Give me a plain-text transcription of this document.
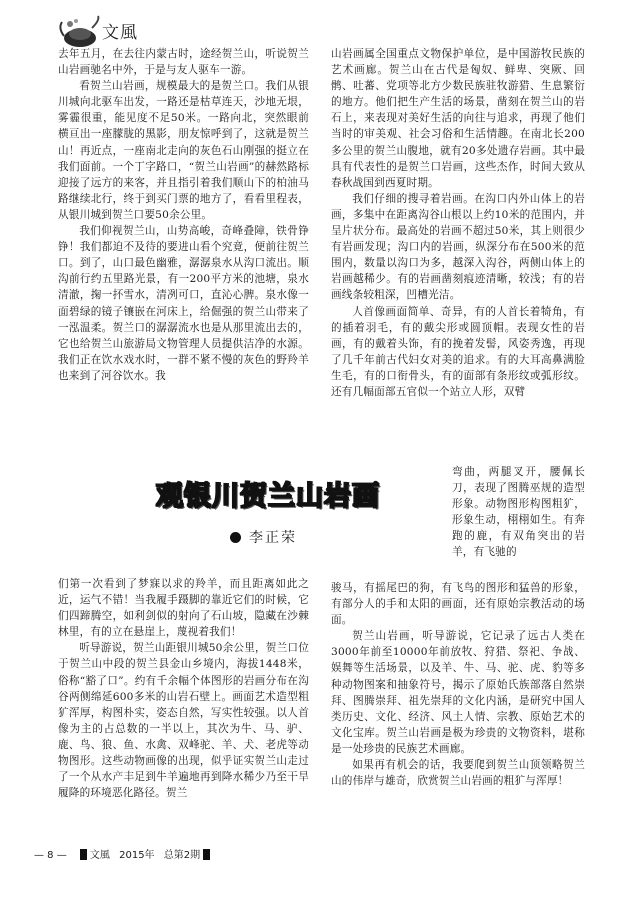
文風

去年五月，在去往内蒙古时，途经贺兰山，听说贺兰山岩画驰名中外，于是与友人驱车一游。

看贺兰山岩画，规模最大的是贺兰口。我们从银川城向北驱车出发，一路还是枯草连天，沙地无垠，雾霾很重，能见度不足50米。一路向北，突然眼前横亘出一座朦胧的黑影，朋友惊呼到了，这就是贺兰山！再近点，一座南北走向的灰色石山刚强的挺立在我们面前。一个丁字路口，“贺兰山岩画”的赫然路标迎接了远方的来客，并且指引着我们顺山下的柏油马路继续北行，终于到买门票的地方了，看看里程表，从银川城到贺兰口要50余公里。

我们仰视贺兰山，山势高峻，奇峰叠障，铁骨铮铮！我们都迫不及待的要进山看个究竟，便前往贺兰口。到了，山口最色幽雅，潺潺泉水从沟口流出。顺沟前行约五里路光景，有一200平方米的池塘，泉水清澈，掬一抔雪水，清冽可口，直沁心脾。泉水像一面碧绿的镜子镶嵌在河床上，给倔强的贺兰山带来了一泓温柔。贺兰口的潺潺流水也是从那里流出去的，它也给贺兰山旅游局文物管理人员提供洁净的水源。我们正在饮水戏水时，一群不紧不慢的灰色的野羚羊也来到了河谷饮水。我

观银川贺兰山岩画
李正荣

们第一次看到了梦寐以求的羚羊，而且距离如此之近，运气不错！当我履手蹑脚的靠近它们的时候，它们四蹄腾空，如利剑似的射向了石山坡，隐藏在沙棘林里，有的立在悬崖上，蔑视着我们！

听导游说，贺兰山距银川城50余公里，贺兰口位于贺兰山中段的贺兰县金山乡境内，海拔1448米，俗称“豁了口”。约有千余幅个体图形的岩画分布在沟谷两侧绵延600多米的山岩石壁上。画面艺术造型粗犷浑厚，构图朴实，姿态自然，写实性较强。以人首像为主的占总数的一半以上，其次为牛、马、驴、鹿、鸟、狼、鱼、水禽、双峰驼、羊、犬、老虎等动物图形。这些动物画像的出现，似乎证实贺兰山走过了一个从水产丰足到牛羊遍地再到降水稀少乃至干旱履降的环境恶化路径。贺兰

山岩画属全国重点文物保护单位，是中国游牧民族的艺术画廊。贺兰山在古代是匈奴、鲜卑、突厥、回鹘、吐蕃、党项等北方少数民族驻牧游猎、生息繁衍的地方。他们把生产生活的场景，凿刻在贺兰山的岩石上，来表现对美好生活的向往与追求，再现了他们当时的审美观、社会习俗和生活情趣。在南北长200多公里的贺兰山腹地，就有20多处遗存岩画。其中最具有代表性的是贺兰口岩画，这些杰作，时间大致从春秋战国到西夏时期。

我们仔细的搜寻着岩画。在沟口内外山体上的岩画，多集中在距离沟谷山根以上约10米的范围内，并呈片状分布。最高处的岩画不超过50米，其上则很少有岩画发现；沟口内的岩画，纵深分布在500米的范围内，数量以沟口为多，越深入沟谷，两侧山体上的岩画越稀少。有的岩画凿刻痕迹清晰，较浅；有的岩画线条较粗深，凹槽光洁。

人首像画面简单、奇异，有的人首长着犄角，有的插着羽毛，有的戴尖形或圆顶帽。表现女性的岩画，有的戴着头饰，有的挽着发髻，风姿秀逸，再现了几千年前古代妇女对美的追求。有的大耳高鼻满脸生毛，有的口衔骨头，有的面部有条形纹或弧形纹。还有几幅面部五官似一个站立人形，双臂

弯曲，两腿叉开，腰佩长刀，表现了图腾巫规的造型形象。动物图形构图粗犷，形象生动，栩栩如生。有奔跑的鹿，有双角突出的岩羊，有飞驰的

骏马，有摇尾巴的狗，有飞鸟的图形和猛兽的形象，有部分人的手和太阳的画面，还有原始宗教活动的场面。

贺兰山岩画，听导游说，它记录了远古人类在3000年前至10000年前放牧、狩猎、祭祀、争战、娱舞等生活场景，以及羊、牛、马、驼、虎、豹等多种动物图案和抽象符号，揭示了原始氏族部落自然崇拜、图腾崇拜、祖先崇拜的文化内涵，是研究中国人类历史、文化、经济、风土人情、宗教、原始艺术的文化宝库。贺兰山岩画是极为珍贵的文物资料，堪称是一处珍贵的民族艺术画廊。

如果再有机会的话，我要爬到贺兰山顶领略贺兰山的伟岸与雄奇，欣赏贺兰山岩画的粗犷与浑厚！

— 8 — 文風 2015年 总第2期
